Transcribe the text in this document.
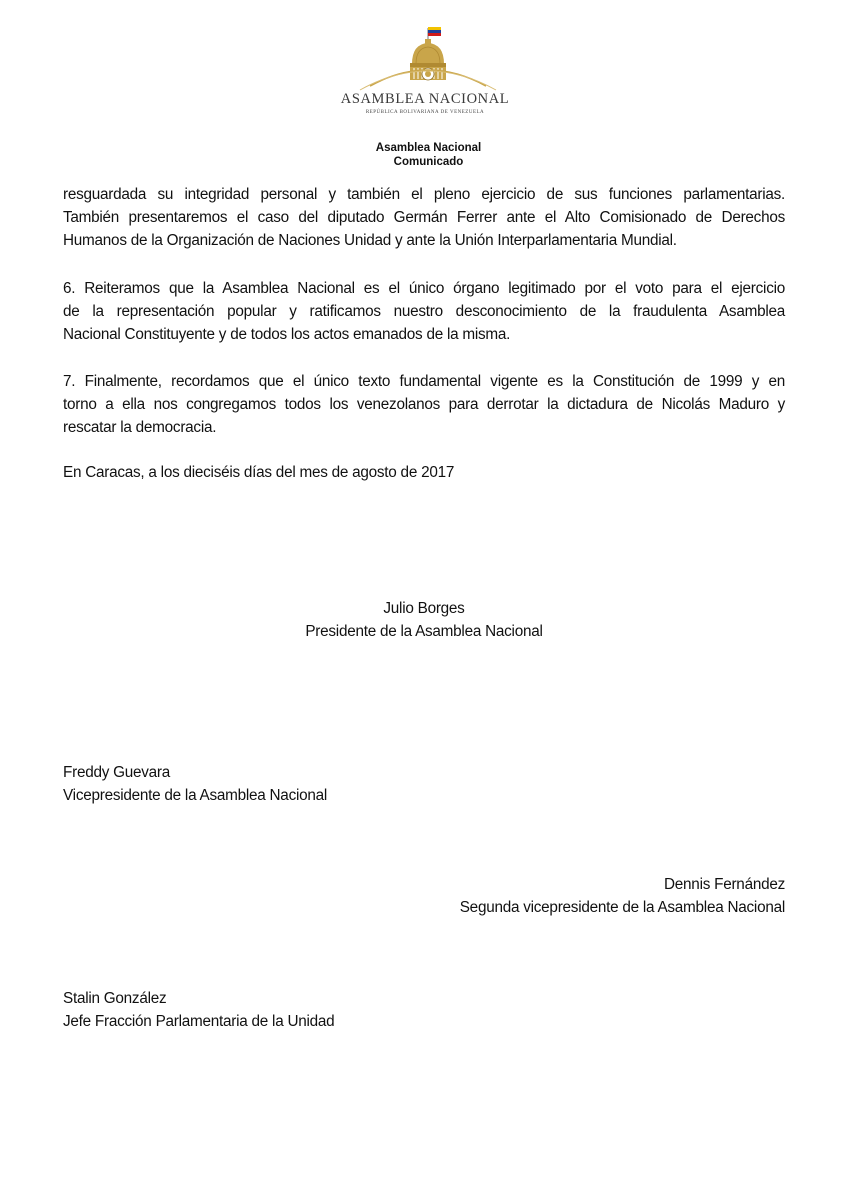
ASAMBLEA NACIONAL
REPÚBLICA BOLIVARIANA DE VENEZUELA
Asamblea Nacional
Comunicado
resguardada su integridad personal y también el pleno ejercicio de sus funciones parlamentarias.
También presentaremos el caso del diputado Germán Ferrer ante el Alto Comisionado de Derechos
Humanos de la Organización de Naciones Unidad y ante la Unión Interparlamentaria Mundial.
6. Reiteramos que la Asamblea Nacional es el único órgano legitimado por el voto para el ejercicio
de la representación popular y ratificamos nuestro desconocimiento de la fraudulenta Asamblea
Nacional Constituyente y de todos los actos emanados de la misma.
7. Finalmente, recordamos que el único texto fundamental vigente es la Constitución de 1999 y en
torno a ella nos congregamos todos los venezolanos para derrotar la dictadura de Nicolás Maduro y
rescatar la democracia.
En Caracas, a los dieciséis días del mes de agosto de 2017
Julio Borges
Presidente de la Asamblea Nacional
Freddy Guevara
Vicepresidente de la Asamblea Nacional
Dennis Fernández
Segunda vicepresidente de la Asamblea Nacional
Stalin González
Jefe Fracción Parlamentaria de la Unidad
